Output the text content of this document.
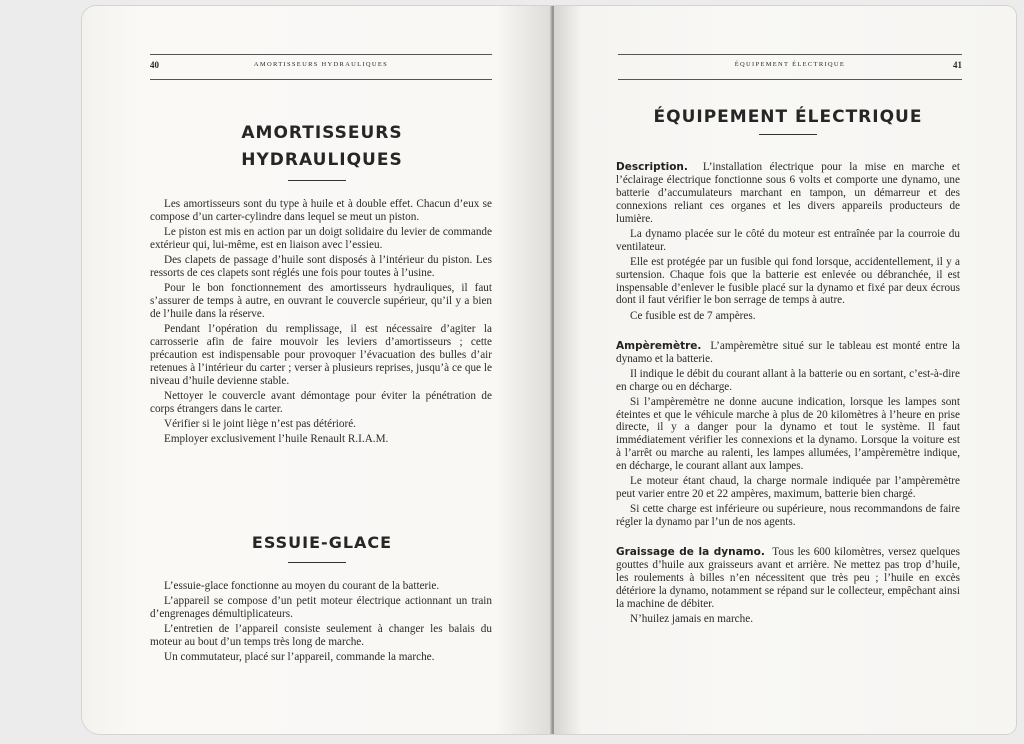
40	AMORTISSEURS HYDRAULIQUES
AMORTISSEURS
HYDRAULIQUES

Les amortisseurs sont du type à huile et à double effet. Chacun d’eux se compose d’un carter-cylindre dans lequel se meut un piston.

Le piston est mis en action par un doigt solidaire du levier de commande extérieur qui, lui-même, est en liaison avec l’essieu.

Des clapets de passage d’huile sont disposés à l’intérieur du piston. Les ressorts de ces clapets sont réglés une fois pour toutes à l’usine.

Pour le bon fonctionnement des amortisseurs hydrauliques, il faut s’assurer de temps à autre, en ouvrant le couvercle supérieur, qu’il y a bien de l’huile dans la réserve.

Pendant l’opération du remplissage, il est nécessaire d’agiter la carrosserie afin de faire mouvoir les leviers d’amortisseurs ; cette précaution est indispensable pour provoquer l’évacuation des bulles d’air retenues à l’intérieur du carter ; verser à plusieurs reprises, jusqu’à ce que le niveau d’huile devienne stable.

Nettoyer le couvercle avant démontage pour éviter la pénétration de corps étrangers dans le carter.

Vérifier si le joint liège n’est pas détérioré.

Employer exclusivement l’huile Renault R.I.A.M.

ESSUIE-GLACE

L’essuie-glace fonctionne au moyen du courant de la batterie.

L’appareil se compose d’un petit moteur électrique actionnant un train d’engrenages démultiplicateurs.

L’entretien de l’appareil consiste seulement à changer les balais du moteur au bout d’un temps très long de marche.

Un commutateur, placé sur l’appareil, commande la marche.

ÉQUIPEMENT ÉLECTRIQUE	41
ÉQUIPEMENT ÉLECTRIQUE

Description. L’installation électrique pour la mise en marche et l’éclairage électrique fonctionne sous 6 volts et comporte une dynamo, une batterie d’accumulateurs marchant en tampon, un démarreur et des connexions reliant ces organes et les divers appareils producteurs de lumière.

La dynamo placée sur le côté du moteur est entraînée par la courroie du ventilateur.

Elle est protégée par un fusible qui fond lorsque, accidentellement, il y a surtension. Chaque fois que la batterie est enlevée ou débranchée, il est inspensable d’enlever le fusible placé sur la dynamo et fixé par deux écrous dont il faut vérifier le bon serrage de temps à autre.

Ce fusible est de 7 ampères.

Ampèremètre. L’ampèremètre situé sur le tableau est monté entre la dynamo et la batterie.

Il indique le débit du courant allant à la batterie ou en sortant, c’est-à-dire en charge ou en décharge.

Si l’ampèremètre ne donne aucune indication, lorsque les lampes sont éteintes et que le véhicule marche à plus de 20 kilomètres à l’heure en prise directe, il y a danger pour la dynamo et tout le système. Il faut immédiatement vérifier les connexions et la dynamo. Lorsque la voiture est à l’arrêt ou marche au ralenti, les lampes allumées, l’ampèremètre indique, en décharge, le courant allant aux lampes.

Le moteur étant chaud, la charge normale indiquée par l’ampèremètre peut varier entre 20 et 22 ampères, maximum, batterie bien chargé.

Si cette charge est inférieure ou supérieure, nous recommandons de faire régler la dynamo par l’un de nos agents.

Graissage de la dynamo. Tous les 600 kilomètres, versez quelques gouttes d’huile aux graisseurs avant et arrière. Ne mettez pas trop d’huile, les roulements à billes n’en nécessitent que très peu ; l’huile en excès détériore la dynamo, notamment se répand sur le collecteur, empêchant ainsi la machine de débiter.

N’huilez jamais en marche.
